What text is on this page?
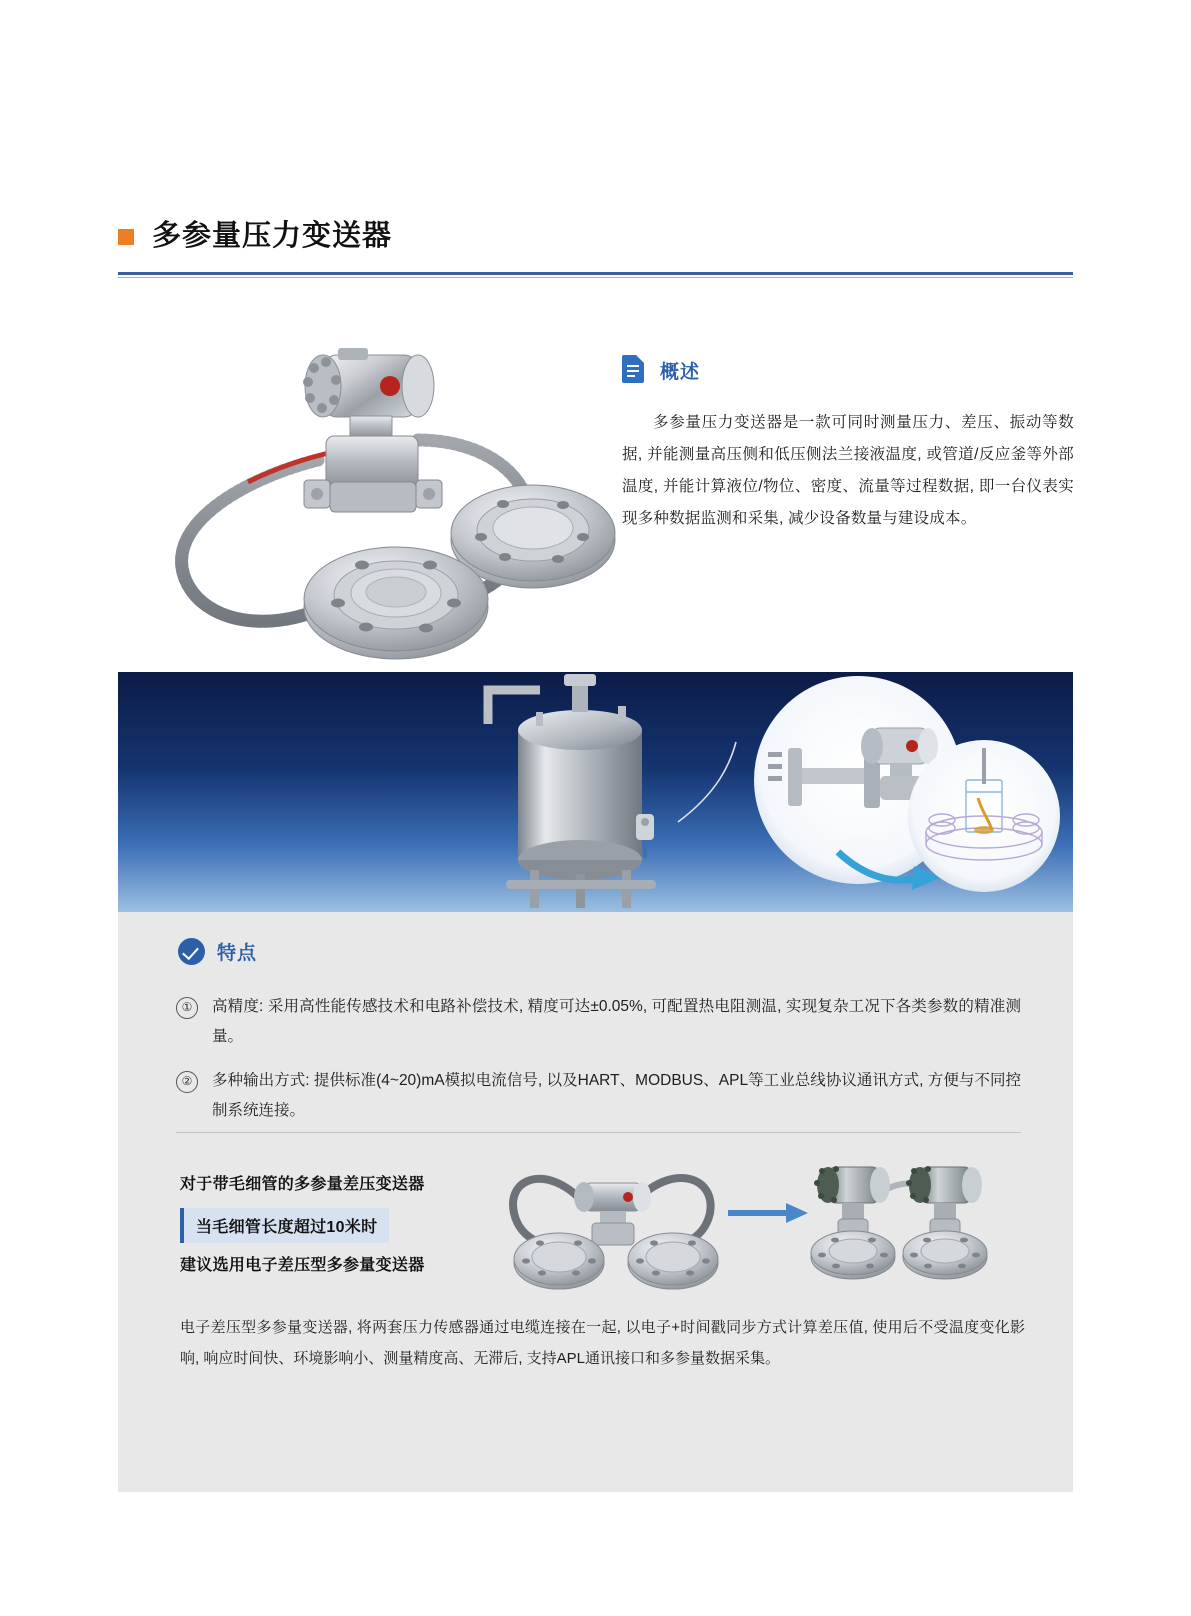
多参量压力变送器
概述
多参量压力变送器是一款可同时测量压力、差压、振动等数据, 并能测量高压侧和低压侧法兰接液温度, 或管道/反应釜等外部温度, 并能计算液位/物位、密度、流量等过程数据, 即一台仪表实现多种数据监测和采集, 减少设备数量与建设成本。
特点
①	高精度: 采用高性能传感技术和电路补偿技术, 精度可达±0.05%, 可配置热电阻测温, 实现复杂工况下各类参数的精准测量。
②	多种输出方式: 提供标准(4~20)mA模拟电流信号, 以及HART、MODBUS、APL等工业总线协议通讯方式, 方便与不同控制系统连接。
对于带毛细管的多参量差压变送器
当毛细管长度超过10米时
建议选用电子差压型多参量变送器
电子差压型多参量变送器, 将两套压力传感器通过电缆连接在一起, 以电子+时间戳同步方式计算差压值, 使用后不受温度变化影响, 响应时间快、环境影响小、测量精度高、无滞后, 支持APL通讯接口和多参量数据采集。
